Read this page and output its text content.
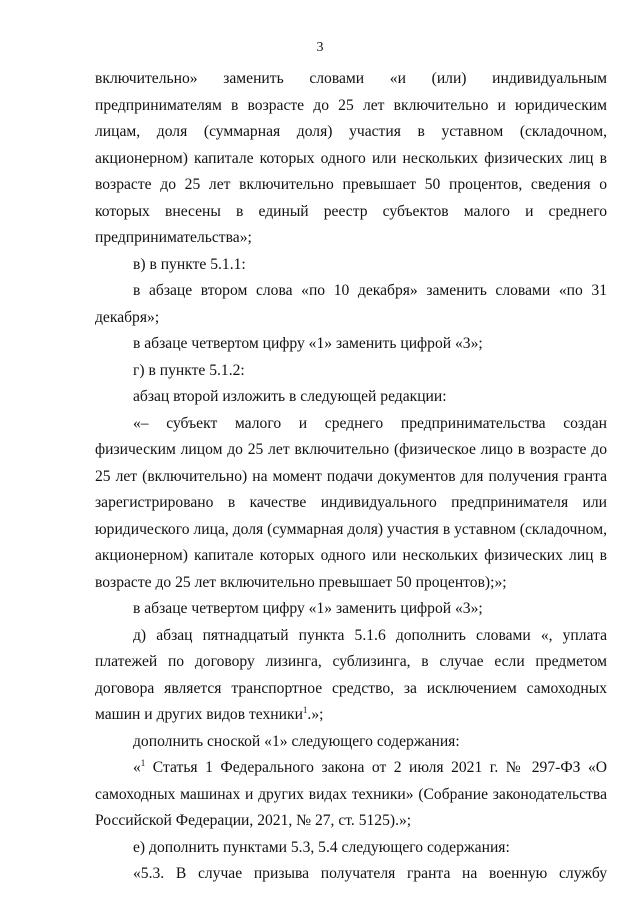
3

включительно» заменить словами «и (или) индивидуальным предпринимателям в возрасте до 25 лет включительно и юридическим лицам, доля (суммарная доля) участия в уставном (складочном, акционерном) капитале которых одного или нескольких физических лиц в возрасте до 25 лет включительно превышает 50 процентов, сведения о которых внесены в единый реестр субъектов малого и среднего предпринимательства»;

в) в пункте 5.1.1:

в абзаце втором слова «по 10 декабря» заменить словами «по 31 декабря»;

в абзаце четвертом цифру «1» заменить цифрой «3»;

г) в пункте 5.1.2:

абзац второй изложить в следующей редакции:

«– субъект малого и среднего предпринимательства создан физическим лицом до 25 лет включительно (физическое лицо в возрасте до 25 лет (включительно) на момент подачи документов для получения гранта зарегистрировано в качестве индивидуального предпринимателя или юридического лица, доля (суммарная доля) участия в уставном (складочном, акционерном) капитале которых одного или нескольких физических лиц в возрасте до 25 лет включительно превышает 50 процентов);»;

в абзаце четвертом цифру «1» заменить цифрой «3»;

д) абзац пятнадцатый пункта 5.1.6 дополнить словами «, уплата платежей по договору лизинга, сублизинга, в случае если предметом договора является транспортное средство, за исключением самоходных машин и других видов техники$^1$.»;

дополнить сноской «1» следующего содержания:

«$^1$ Статья 1 Федерального закона от 2 июля 2021 г. № 297-ФЗ «О самоходных машинах и других видах техники» (Собрание законодательства Российской Федерации, 2021, № 27, ст. 5125).»;

е) дополнить пунктами 5.3, 5.4 следующего содержания:

«5.3. В случае призыва получателя гранта на военную службу
